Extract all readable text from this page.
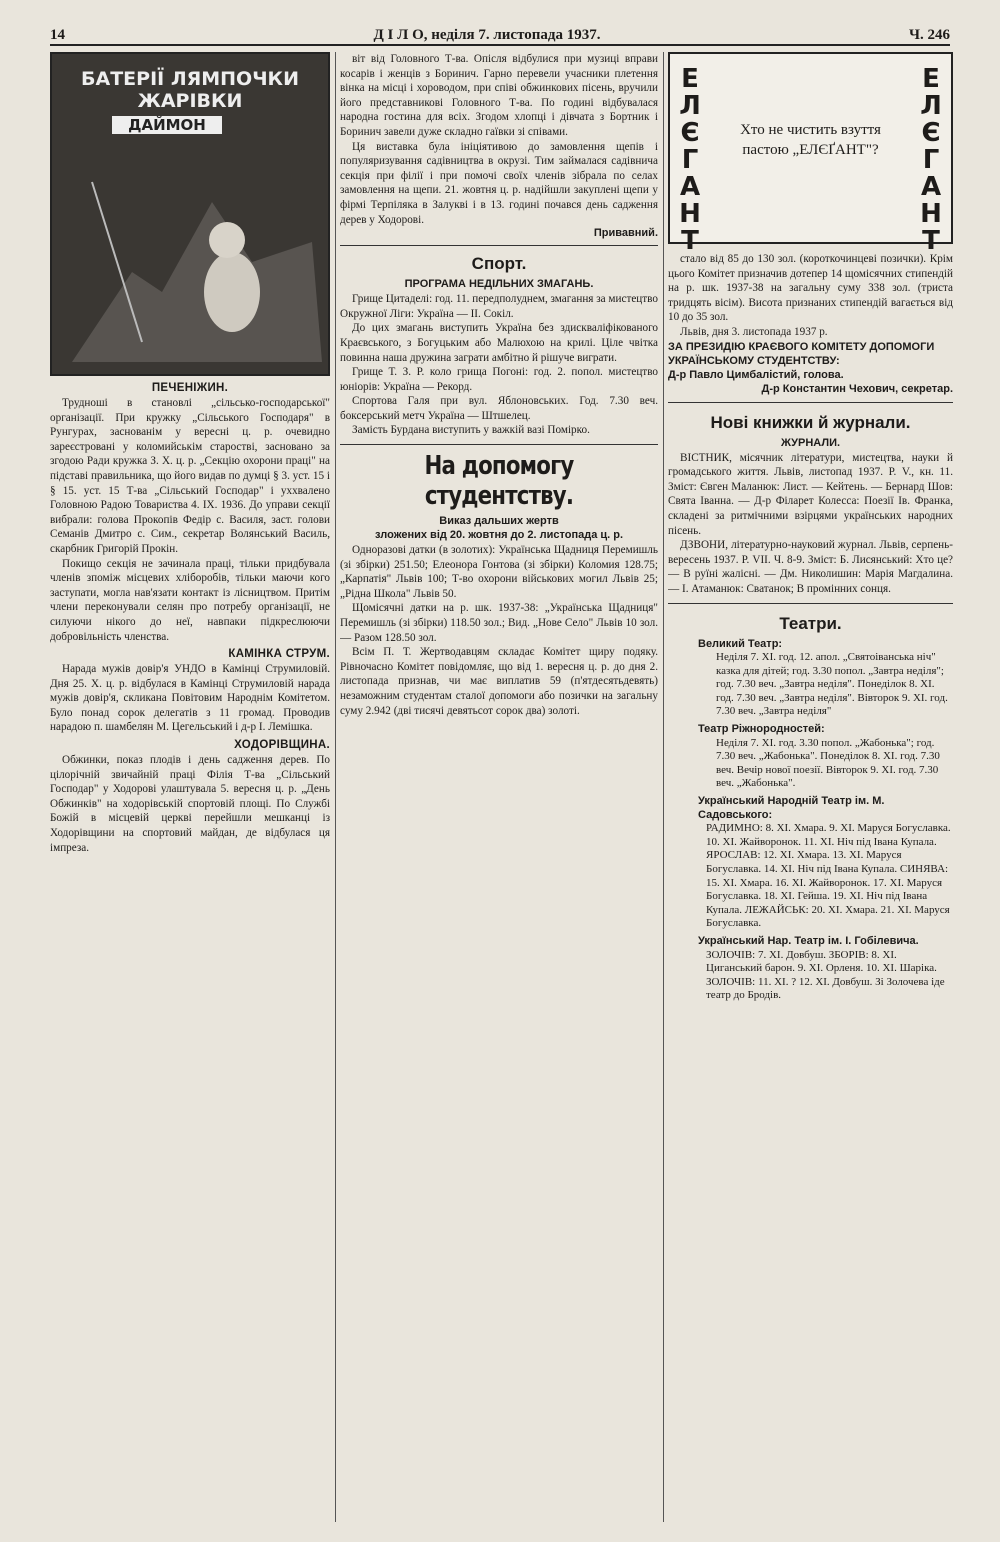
14	Д І Л О, неділя 7. листопада 1937.	Ч. 246
БАТЕРІЇ ЛЯМПОЧКИ ЖАРІВКИ
ДАЙМОН
ПЕЧЕНІЖИН.

Трудноші в становлі „сільсько-господарської" організації. При кружку „Сільського Господаря" в Рунгурах, заснованім у вересні ц. р. очевидно зареєстровані у коломийськім старостві, заснованo за згодою Ради кружка З. Х. ц. р. „Секцію охорони праці" на підставі правильника, що його видав по думці § 3. уст. 15 і § 15. уст. 15 Т-ва „Сільський Господар" і уххвалено Головною Радою Товариства 4. IX. 1936. До управи секції вибрали: голова Прокопів Федір с. Василя, заст. голови Семанів Дмитро с. Сим., секретар Волянський Василь, скарбник Григорій Прокін.

Покищо секція не зачинала праці, тільки придбувала членів зпоміж місцевих хліборобів, тільки маючи кого заступати, могла нав'язати контакт із лісництвом. Притім члени переконували селян про потребу організації, не силуючи нікого до неї, навпаки підкреслюючи добровільність членства.

КАМІНКА СТРУМ.

Нарада мужів довір'я УНДО в Камінці Струмиловій. Дня 25. Х. ц. р. відбулася в Камінці Струмиловій нарада мужів довір'я, скликана Повітовим Народнім Комітетом. Було понад сорок делегатів з 11 громад. Проводив нарадою п. шамбелян М. Цегельський і д-р І. Лемішка.

ХОДОРІВЩИНА.

Обжинки, показ плодів і день садження дерев. По цілорічній звичайній праці Філія Т-ва „Сільський Господар" у Ходорові улаштувала 5. вересня ц. р. „День Обжинків" на ходорівській спортовій площі. По Службі Божій в місцевій церкві перейшли мешканці із Ходорівщини на спортовий майдан, де відбулася ця імпреза.

віт від Головного Т-ва. Опісля відбулися при музиці вправи косарів і женців з Боринич. Гарно перевели учасники плетення вінка на місці і хороводом, при співі обжинкових пісень, вручили його представникові Головного Т-ва. По годині відбувалася народна гостина для всіх. Згодом хлопці і дівчата з Бортник і Боринич завели дуже складно гаївки зі співами.

Ця виставка була ініціятивою до замовлення щепів і популяризування садівництва в окрузі. Тим займалася садівнича секція при філії і при помочі своїх членів зібрала по селах замовлення на щепи. 21. жовтня ц. р. надійшли закуплені щепи у фірмі Терпіляка в Залукві і в 13. годині почався день садження дерев у Ходорові.

Привавний.
Спорт.
ПРОГРАМА НЕДІЛЬНИХ ЗМАГАНЬ.

Грище Цитаделі: год. 11. передполуднем, змагання за мистецтво Окружної Ліги: Україна — II. Сокіл.

До цих змагань виступить Україна без здискваліфікованого Краєвського, з Богуцьким або Малюхою на крилі. Ціле чвітка повинна наша дружина заграти амбітно й рішуче виграти.

Грище Т. З. Р. коло грища Погоні: год. 2. попол. мистецтво юніорів: Україна — Рекорд.

Спортова Галя при вул. Яблоновських. Год. 7.30 веч. боксерський метч Україна — Штшелец.

Замість Бурдана виступить у важкій вазі Помірко.

На допомогу студентству.
Виказ дальших жертв
зложених від 20. жовтня до 2. листопада ц. р.

Одноразові датки (в золотих): Українська Щадниця Перемишль (зі збірки) 251.50; Елеонора Гонтова (зі збірки) Коломия 128.75; „Карпатія" Львів 100; Т-во охорони військових могил Львів 25; „Рідна Школа" Львів 50.

Щомісячні датки на р. шк. 1937-38: „Українська Щадниця" Перемишль (зі збірки) 118.50 зол.; Вид. „Нове Село" Львів 10 зол. — Разом 128.50 зол.

Всім П. Т. Жертводавцям складає Комітет щиру подяку. Рівночасно Комітет повідомляє, що від 1. вересня ц. р. до дня 2. листопада признав, чи має виплатив 59 (п'ятдесятьдевять) незаможним студентам сталої допомоги або позички на загальну суму 2.942 (дві тисячі девятьсот сорок два) золоті.

Е
Л
Є
Г
А
Н
Т
Е
Л
Є
Г
А
Н
Т
Хто не чистить взуття пастою „ЕЛЄҐАНТ"?

стало від 85 до 130 зол. (короткочинцеві позички). Крім цього Комітет призначив дотепер 14 щомісячних стипендій на р. шк. 1937-38 на загальну суму 338 зол. (триста тридцять вісім). Висота признаних стипендій вагається від 10 до 35 зол.

Львів, дня 3. листопада 1937 р.

ЗА ПРЕЗИДІЮ КРАЄВОГО КОМІТЕТУ ДОПОМОГИ УКРАЇНСЬКОМУ СТУДЕНТСТВУ:
Д-р Павло Цимбалістий, голова.
Д-р Константин Чехович, секретар.
Нові книжки й журнали.
ЖУРНАЛИ.

ВІСТНИК, місячник літератури, мистецтва, науки й громадського життя. Львів, листопад 1937. Р. V., кн. 11. Зміст: Євген Маланюк: Лист. — Кейтень. — Бернард Шов: Свята Іванна. — Д-р Філарет Колесса: Поезії Ів. Франка, складені за ритмічними взірцями українських народних пісень.

ДЗВОНИ, літературно-науковий журнал. Львів, серпень-вересень 1937. Р. VII. Ч. 8-9. Зміст: Б. Лисянський: Хто це? — В руїні жалісні. — Дм. Николишин: Марія Магдалина. — І. Атаманюк: Сватанок; В промінних сонця.

Театри.
Великий Театр:
Неділя 7. ХІ. год. 12. апол. „Святоіванська ніч" казка для дітей; год. 3.30 попол. „Завтра неділя"; год. 7.30 веч. „Завтра неділя". Понеділок 8. ХІ. год. 7.30 веч. „Завтра неділя". Вівторок 9. ХІ. год. 7.30 веч. „Завтра неділя"
Театр Ріжнородностей:
Неділя 7. ХІ. год. 3.30 попол. „Жабонька"; год. 7.30 веч. „Жабонька". Понеділок 8. ХІ. год. 7.30 веч. Вечір нової поезії. Вівторок 9. ХІ. год. 7.30 веч. „Жабонька".
Український Народній Театр ім. М. Садовського:
РАДИМНО: 8. ХІ. Хмара. 9. ХІ. Маруся Богуславка. 10. ХІ. Жайворонок. 11. ХІ. Ніч під Івана Купала. ЯРОСЛАВ: 12. ХІ. Хмара. 13. ХІ. Маруся Богуславка. 14. ХІ. Ніч під Івана Купала. СИНЯВА: 15. ХІ. Хмара. 16. ХІ. Жайворонок. 17. ХІ. Маруся Богуславка. 18. ХІ. Гейша. 19. ХІ. Ніч під Івана Купала. ЛЕЖАЙСЬК: 20. ХІ. Хмара. 21. ХІ. Маруся Богуславка.
Український Нар. Театр ім. І. Гобілевича.
ЗОЛОЧІВ: 7. ХІ. Довбуш. ЗБОРІВ: 8. ХІ. Циганський барон. 9. ХІ. Орленя. 10. ХІ. Шаріка. ЗОЛОЧІВ: 11. ХІ. ? 12. ХІ. Довбуш. Зі Золочева іде театр до Бродів.
